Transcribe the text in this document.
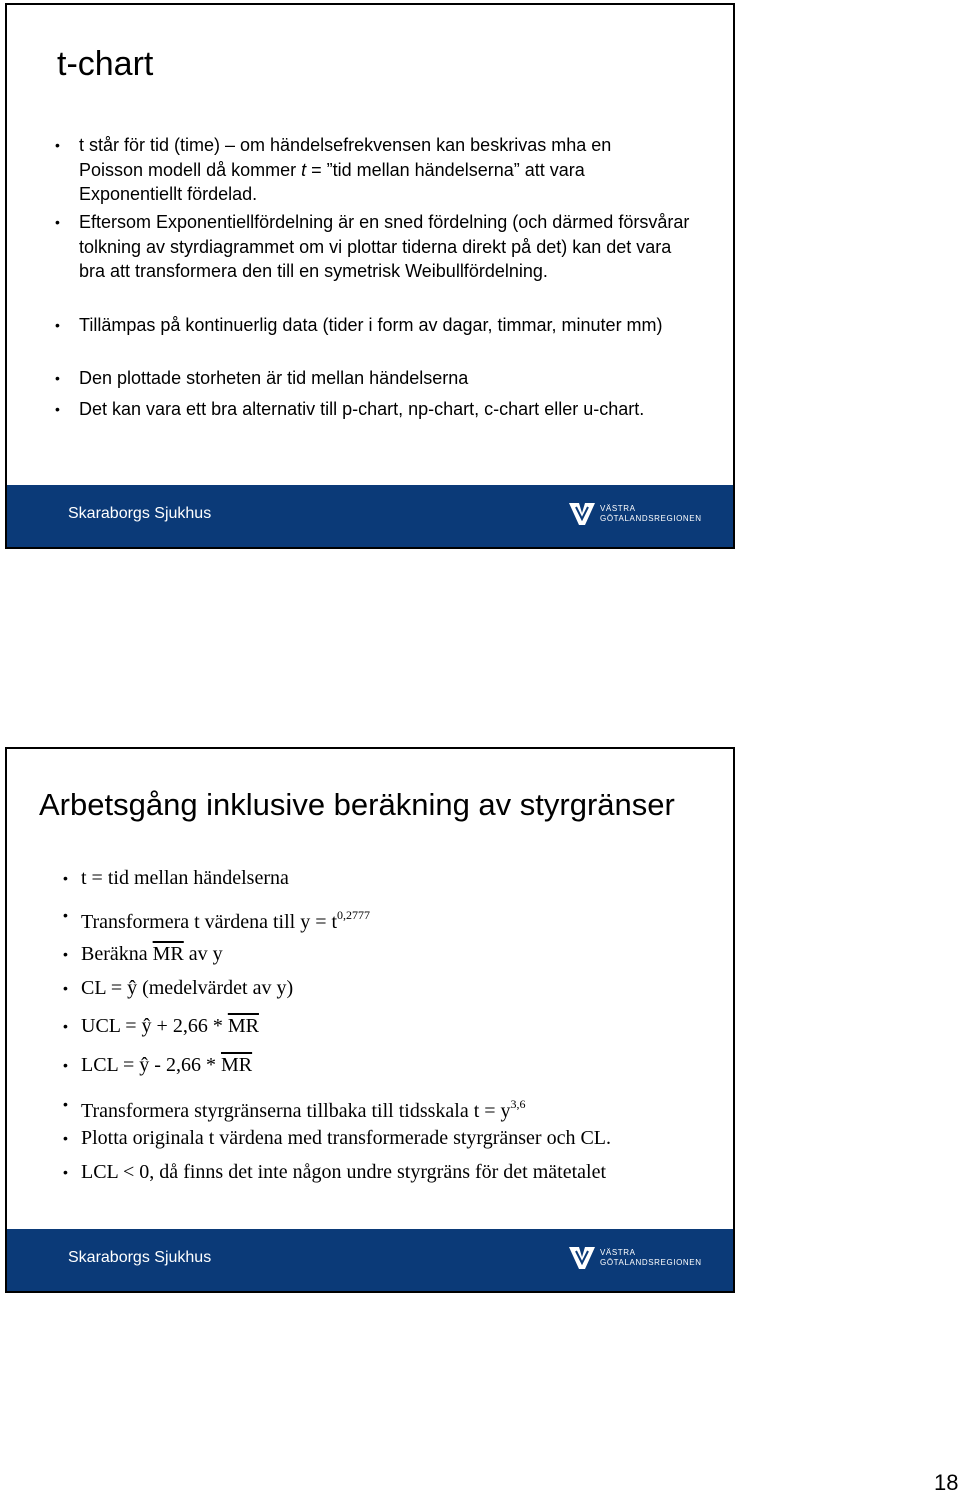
t-chart
• t står för tid (time) – om händelsefrekvensen kan beskrivas mha en
Poisson modell då kommer t = ”tid mellan händelserna” att vara
Exponentiellt fördelad.
• Eftersom Exponentiellfördelning är en sned fördelning (och därmed försvårar tolkning av styrdiagrammet om vi plottar tiderna direkt på det) kan det vara bra att transformera den till en symetrisk Weibullfördelning.
• Tillämpas på kontinuerlig data (tider i form av dagar, timmar, minuter mm)
• Den plottade storheten är tid mellan händelserna
• Det kan vara ett bra alternativ till p-chart, np-chart, c-chart eller u-chart.
Skaraborgs Sjukhus	VÄSTRA
GÖTALANDSREGIONEN
Arbetsgång inklusive beräkning av styrgränser
• t = tid mellan händelserna
• Transformera t värdena till $y = t^{0,2777}$
• Beräkna $\overline{MR}$ av y
• CL = ŷ (medelvärdet av y)
• UCL = ŷ + $2,66 * \overline{MR}$
• LCL = ŷ - $2,66 * \overline{MR}$
• Transformera styrgränserna tillbaka till tidsskala $t = y^{3,6}$
• Plotta originala t värdena med transformerade styrgränser och CL.
• LCL < 0, då finns det inte någon undre styrgräns för det mätetalet
Skaraborgs Sjukhus	VÄSTRA
GÖTALANDSREGIONEN
18
